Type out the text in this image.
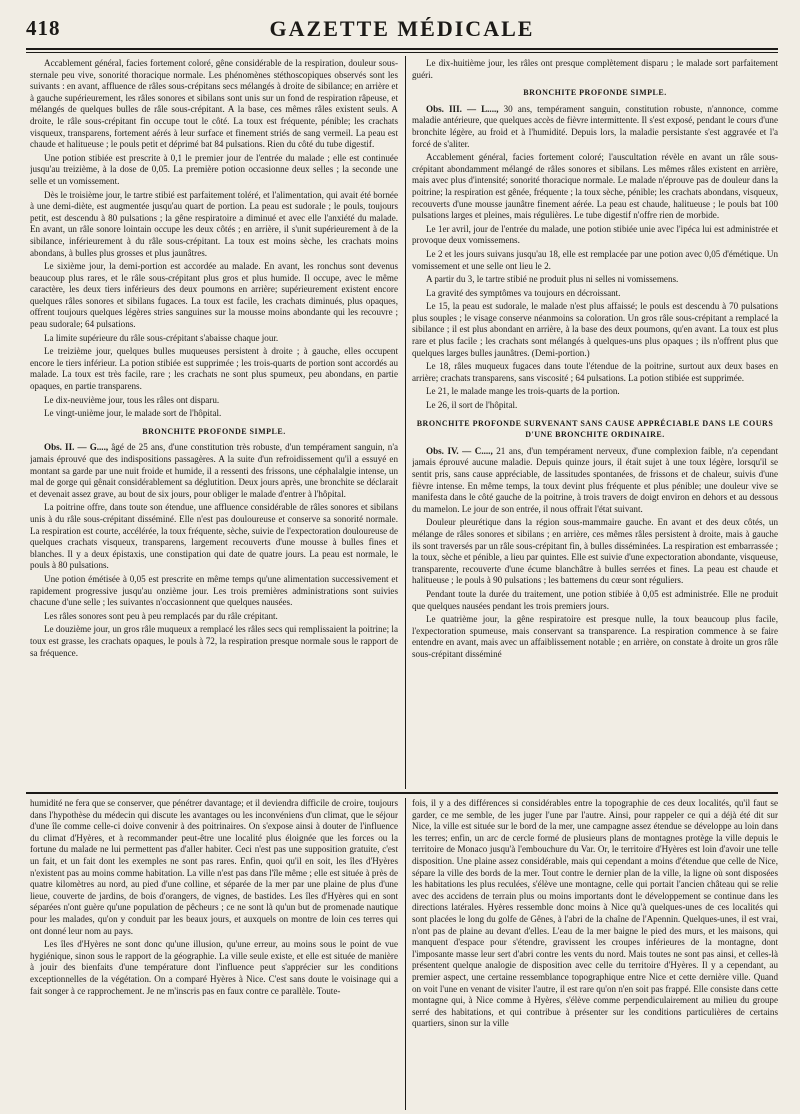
418	GAZETTE MÉDICALE

Accablement général, facies fortement coloré, gêne considérable de la respiration, douleur sous-sternale peu vive, sonorité thoracique normale. Les phénomènes stéthoscopiques observés sont les suivants : en avant, affluence de râles sous-crépitans secs mélangés à droite de sibilance; en arrière et à gauche supérieurement, les râles sonores et sibilans sont unis sur un fond de respiration râpeuse, et mélangés de quelques bulles de râle sous-crépitant. A la base, ces mêmes râles existent seuls. A droite, le râle sous-crépitant fin occupe tout le côté. La toux est fréquente, pénible; les crachats visqueux, transparens, fortement aérés à leur surface et finement striés de sang vermeil. La peau est chaude et halitueuse ; le pouls petit et déprimé bat 84 pulsations. Rien du côté du tube digestif.

Une potion stibiée est prescrite à 0,1 le premier jour de l'entrée du malade ; elle est continuée jusqu'au treizième, à la dose de 0,05. La première potion occasionne deux selles ; la seconde une selle et un vomissement.

Dès le troisième jour, le tartre stibié est parfaitement toléré, et l'alimentation, qui avait été bornée à une demi-diète, est augmentée jusqu'au quart de portion. La peau est sudorale ; le pouls, toujours petit, est descendu à 80 pulsations ; la gêne respiratoire a diminué et avec elle l'anxiété du malade. En avant, un râle sonore lointain occupe les deux côtés ; en arrière, il s'unit supérieurement à de la sibilance, inférieurement à du râle sous-crépitant. La toux est moins sèche, les crachats moins abondans, à bulles plus grosses et plus jaunâtres.

Le sixième jour, la demi-portion est accordée au malade. En avant, les ronchus sont devenus beaucoup plus rares, et le râle sous-crépitant plus gros et plus humide. Il occupe, avec le même caractère, les deux tiers inférieurs des deux poumons en arrière; supérieurement existent encore quelques râles sonores et sibilans fugaces. La toux est facile, les crachats diminués, plus opaques, offrent toujours quelques légères stries sanguines sur la mousse moins abondante qui les recouvre ; peau sudorale; 64 pulsations.

La limite supérieure du râle sous-crépitant s'abaisse chaque jour.

Le treizième jour, quelques bulles muqueuses persistent à droite ; à gauche, elles occupent encore le tiers inférieur. La potion stibiée est supprimée ; les trois-quarts de portion sont accordés au malade. La toux est très facile, rare ; les crachats ne sont plus spumeux, peu abondans, en partie opaques, en partie transparens.

Le dix-neuvième jour, tous les râles ont disparu.

Le vingt-unième jour, le malade sort de l'hôpital.

BRONCHITE PROFONDE SIMPLE.

Obs. II. — G...., âgé de 25 ans, d'une constitution très robuste, d'un tempérament sanguin, n'a jamais éprouvé que des indispositions passagères. A la suite d'un refroidissement qu'il a essuyé en montant sa garde par une nuit froide et humide, il a ressenti des frissons, une céphalalgie intense, un mal de gorge qui gênait considérablement sa déglutition. Deux jours après, une bronchite se déclarait et devenait assez grave, au bout de six jours, pour obliger le malade d'entrer à l'hôpital.

La poitrine offre, dans toute son étendue, une affluence considérable de râles sonores et sibilans unis à du râle sous-crépitant disséminé. Elle n'est pas douloureuse et conserve sa sonorité normale. La respiration est courte, accélérée, la toux fréquente, sèche, suivie de l'expectoration douloureuse de quelques crachats visqueux, transparens, largement recouverts d'une mousse à bulles fines et blanches. Il y a deux épistaxis, une constipation qui date de quatre jours. La peau est normale, le pouls à 80 pulsations.

Une potion émétisée à 0,05 est prescrite en même temps qu'une alimentation successivement et rapidement progressive jusqu'au onzième jour. Les trois premières administrations sont suivies chacune d'une selle ; les suivantes n'occasionnent que quelques nausées.

Les râles sonores sont peu à peu remplacés par du râle crépitant.

Le douzième jour, un gros râle muqueux a remplacé les râles secs qui remplissaient la poitrine; la toux est grasse, les crachats opaques, le pouls à 72, la respiration presque normale sous le rapport de sa fréquence.

Le dix-huitième jour, les râles ont presque complètement disparu ; le malade sort parfaitement guéri.

BRONCHITE PROFONDE SIMPLE.

Obs. III. — L...., 30 ans, tempérament sanguin, constitution robuste, n'annonce, comme maladie antérieure, que quelques accès de fièvre intermittente. Il s'est exposé, pendant le cours d'une bronchite légère, au froid et à l'humidité. Depuis lors, la maladie persistante s'est aggravée et l'a forcé de s'aliter.

Accablement général, facies fortement coloré; l'auscultation révèle en avant un râle sous-crépitant abondamment mélangé de râles sonores et sibilans. Les mêmes râles existent en arrière, mais avec plus d'intensité; sonorité thoracique normale. Le malade n'éprouve pas de douleur dans la poitrine; la respiration est gênée, fréquente ; la toux sèche, pénible; les crachats abondans, visqueux, recouverts d'une mousse jaunâtre finement aérée. La peau est chaude, halitueuse ; le pouls bat 100 pulsations larges et pleines, mais régulières. Le tube digestif n'offre rien de morbide.

Le 1er avril, jour de l'entrée du malade, une potion stibiée unie avec l'ipéca lui est administrée et provoque deux vomissemens.

Le 2 et les jours suivans jusqu'au 18, elle est remplacée par une potion avec 0,05 d'émétique. Un vomissement et une selle ont lieu le 2.

A partir du 3, le tartre stibié ne produit plus ni selles ni vomissemens.

La gravité des symptômes va toujours en décroissant.

Le 15, la peau est sudorale, le malade n'est plus affaissé; le pouls est descendu à 70 pulsations plus souples ; le visage conserve néanmoins sa coloration. Un gros râle sous-crépitant a remplacé la sibilance ; il est plus abondant en arrière, à la base des deux poumons, qu'en avant. La toux est plus rare et plus facile ; les crachats sont mélangés à quelques-uns plus opaques ; ils n'offrent plus que quelques larges bulles jaunâtres. (Demi-portion.)

Le 18, râles muqueux fugaces dans toute l'étendue de la poitrine, surtout aux deux bases en arrière; crachats transparens, sans viscosité ; 64 pulsations. La potion stibiée est supprimée.

Le 21, le malade mange les trois-quarts de la portion.

Le 26, il sort de l'hôpital.

BRONCHITE PROFONDE SURVENANT SANS CAUSE APPRÉCIABLE DANS LE COURS D'UNE BRONCHITE ORDINAIRE.

Obs. IV. — C...., 21 ans, d'un tempérament nerveux, d'une complexion faible, n'a cependant jamais éprouvé aucune maladie. Depuis quinze jours, il était sujet à une toux légère, lorsqu'il se sentit pris, sans cause appréciable, de lassitudes spontanées, de frissons et de chaleur, suivis d'une fièvre intense. En même temps, la toux devint plus fréquente et plus pénible; une douleur vive se manifesta dans le côté gauche de la poitrine, à trois travers de doigt environ en dehors et au dessous du mamelon. Le jour de son entrée, il nous offrait l'état suivant.

Douleur pleurétique dans la région sous-mammaire gauche. En avant et des deux côtés, un mélange de râles sonores et sibilans ; en arrière, ces mêmes râles persistent à droite, mais à gauche ils sont traversés par un râle sous-crépitant fin, à bulles disséminées. La respiration est embarrassée ; la toux, sèche et pénible, a lieu par quintes. Elle est suivie d'une expectoration abondante, visqueuse, transparente, recouverte d'une écume blanchâtre à bulles serrées et fines. La peau est chaude et halitueuse ; le pouls à 90 pulsations ; les battemens du cœur sont réguliers.

Pendant toute la durée du traitement, une potion stibiée à 0,05 est administrée. Elle ne produit que quelques nausées pendant les trois premiers jours.

Le quatrième jour, la gêne respiratoire est presque nulle, la toux beaucoup plus facile, l'expectoration spumeuse, mais conservant sa transparence. La respiration commence à se faire entendre en avant, mais avec un affaiblissement notable ; en arrière, on constate à droite un gros râle sous-crépitant disséminé

humidité ne fera que se conserver, que pénétrer davantage; et il deviendra difficile de croire, toujours dans l'hypothèse du médecin qui discute les avantages ou les inconvéniens d'un climat, que le séjour d'une île comme celle-ci doive convenir à des poitrinaires. On s'expose ainsi à douter de l'influence du climat d'Hyères, et à recommander peut-être une localité plus éloignée que les forces ou la fortune du malade ne lui permettent pas d'aller habiter. Ceci n'est pas une supposition gratuite, c'est un fait, et un fait dont les exemples ne sont pas rares. Enfin, quoi qu'il en soit, les îles d'Hyères n'existent pas au moins comme habitation. La ville n'est pas dans l'île même ; elle est située à près de quatre kilomètres au nord, au pied d'une colline, et séparée de la mer par une plaine de plus d'une lieue, couverte de jardins, de bois d'orangers, de vignes, de bastides. Les îles d'Hyères qui en sont séparées n'ont guère qu'une population de pêcheurs ; ce ne sont là qu'un but de promenade nautique pour les malades, qu'on y conduit par les beaux jours, et auxquels on montre de loin ces terres qui ont donné leur nom au pays.

Les îles d'Hyères ne sont donc qu'une illusion, qu'une erreur, au moins sous le point de vue hygiénique, sinon sous le rapport de la géographie. La ville seule existe, et elle est située de manière à jouir des bienfaits d'une température dont l'influence peut s'apprécier sur les conditions exceptionnelles de la végétation. On a comparé Hyères à Nice. C'est sans doute le voisinage qui a fait songer à ce rapprochement. Je ne m'inscris pas en faux contre ce parallèle. Toute-

fois, il y a des différences si considérables entre la topographie de ces deux localités, qu'il faut se garder, ce me semble, de les juger l'une par l'autre. Ainsi, pour rappeler ce qui a déjà été dit sur Nice, la ville est située sur le bord de la mer, une campagne assez étendue se développe au loin dans les terres; enfin, un arc de cercle formé de plusieurs plans de montagnes protège la ville depuis le territoire de Monaco jusqu'à l'embouchure du Var. Or, le territoire d'Hyères est loin d'avoir une telle disposition. Une plaine assez considérable, mais qui cependant a moins d'étendue que celle de Nice, sépare la ville des bords de la mer. Tout contre le dernier plan de la ville, la ligne où sont disposées les habitations les plus reculées, s'élève une montagne, celle qui portait l'ancien château qui se relie avec des accidens de terrain plus ou moins importants dont le développement se continue dans les directions latérales. Hyères ressemble donc moins à Nice qu'à quelques-unes de ces localités qui sont placées le long du golfe de Gênes, à l'abri de la chaîne de l'Apennin. Quelques-unes, il est vrai, n'ont pas de plaine au devant d'elles. L'eau de la mer baigne le pied des murs, et les maisons, qui manquent d'espace pour s'étendre, gravissent les croupes inférieures de la montagne, dont l'imposante masse leur sert d'abri contre les vents du nord. Mais toutes ne sont pas ainsi, et celles-là présentent quelque analogie de disposition avec celle du territoire d'Hyères. Il y a cependant, au premier aspect, une certaine ressemblance topographique entre Nice et cette dernière ville. Quand on voit l'une en venant de visiter l'autre, il est rare qu'on n'en soit pas frappé. Elle consiste dans cette montagne qui, à Nice comme à Hyères, s'élève comme perpendiculairement au milieu du groupe serré des habitations, et qui contribue à présenter sur les conditions particulières de certains quartiers, sinon sur la ville
